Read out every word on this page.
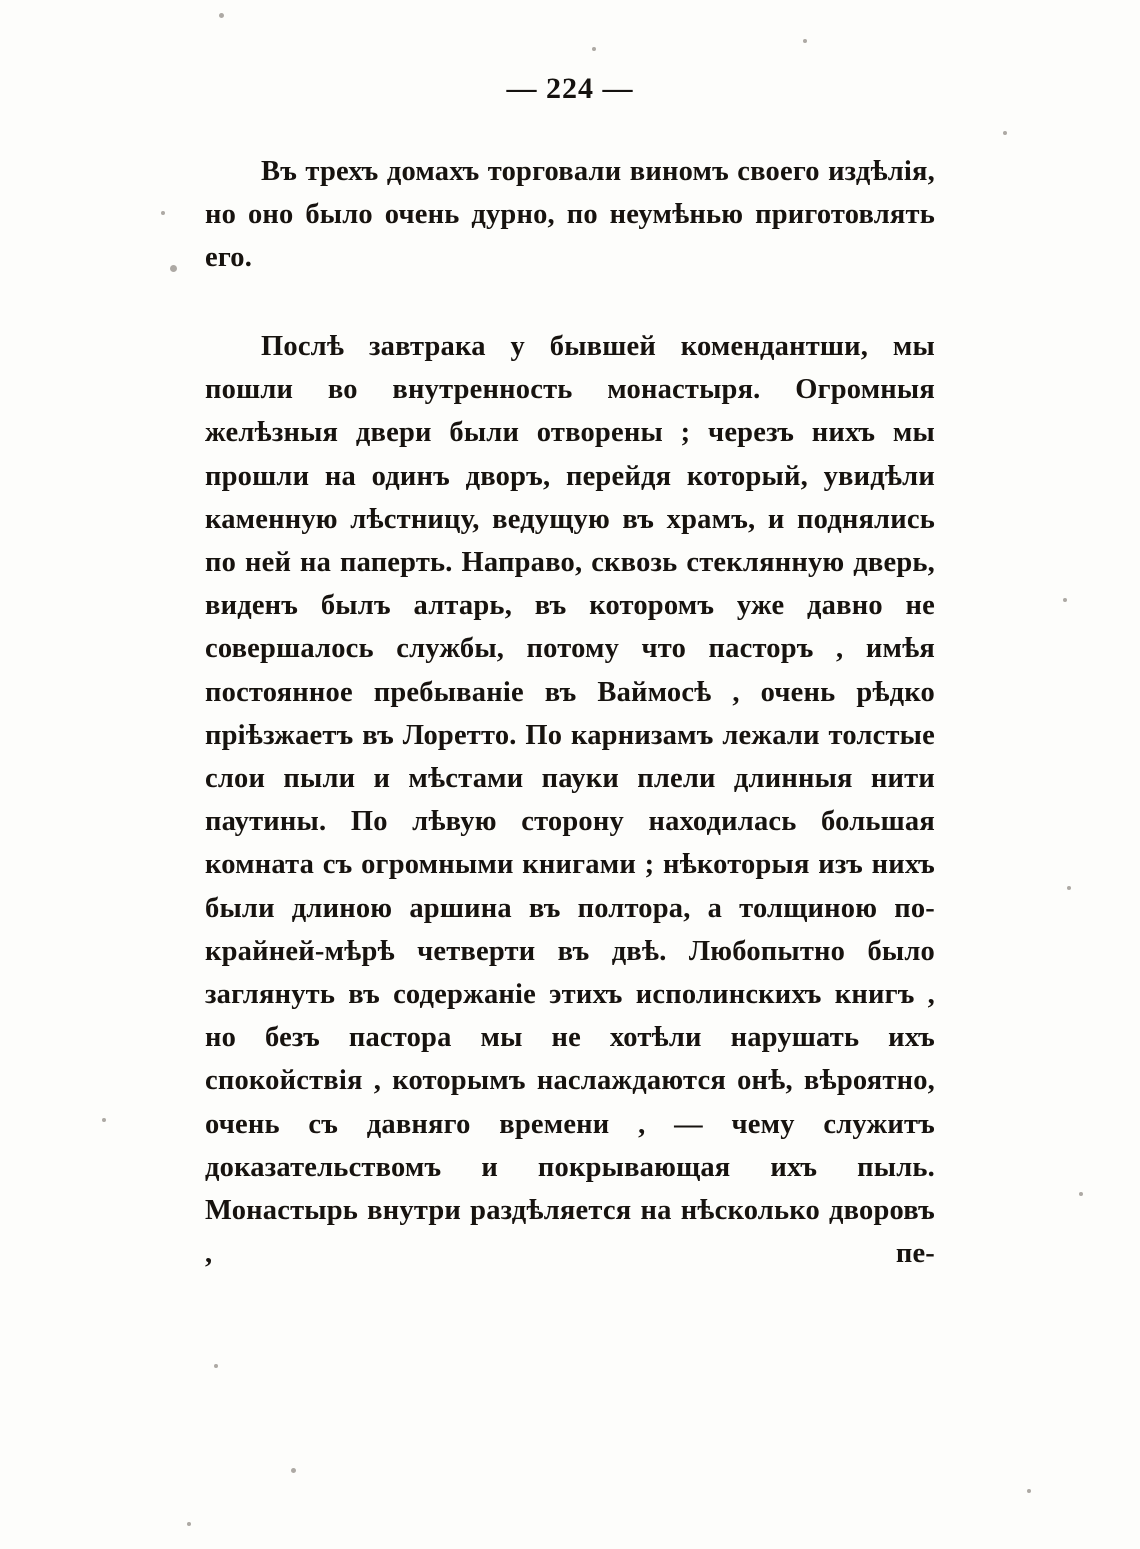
— 224 —

Въ трехъ домахъ торговали виномъ своего издѣлія, но оно было очень дурно, по неумѣнью приготовлять его.

Послѣ завтрака у бывшей комендантши, мы пошли во внутренность монастыря. Огромныя желѣзныя двери были отворены ; черезъ нихъ мы прошли на одинъ дворъ, перейдя который, увидѣли каменную лѣстницу, ведущую въ храмъ, и поднялись по ней на паперть. Направо, сквозь стеклянную дверь, виденъ былъ алтарь, въ которомъ уже давно не совершалось службы, потому что пасторъ , имѣя постоянное пребываніе въ Ваймосѣ , очень рѣдко пріѣзжаетъ въ Лоретто. По карнизамъ лежали толстые слои пыли и мѣстами пауки плели длинныя нити паутины. По лѣвую сторону находилась большая комната съ огромными книгами ; нѣкоторыя изъ нихъ были длиною аршина въ полтора, а толщиною по-крайней-мѣрѣ четверти въ двѣ. Любопытно было заглянуть въ содержаніе этихъ исполинскихъ книгъ , но безъ пастора мы не хотѣли нарушать ихъ спокойствія , которымъ наслаждаются онѣ, вѣроятно, очень съ давняго времени , — чему служитъ доказательствомъ и покрывающая ихъ пыль. Монастырь внутри раздѣляется на нѣсколько дворовъ , пе-
